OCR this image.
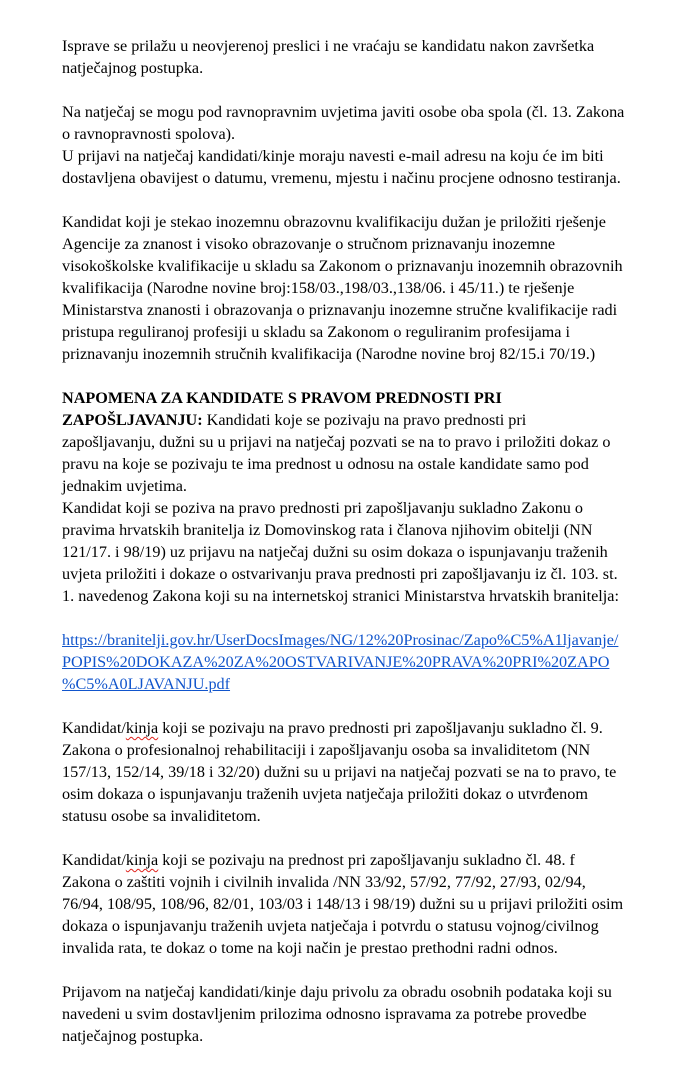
Isprave se prilažu u neovjerenoj preslici i ne vraćaju se kandidatu nakon završetka

natječajnog postupka.

Na natječaj se mogu pod ravnopravnim uvjetima javiti osobe oba spola (čl. 13. Zakona

o ravnopravnosti spolova).

U prijavi na natječaj kandidati/kinje moraju navesti e-mail adresu na koju će im biti

dostavljena obavijest o datumu, vremenu, mjestu i načinu procjene odnosno testiranja.

Kandidat koji je stekao inozemnu obrazovnu kvalifikaciju dužan je priložiti rješenje

Agencije za znanost i visoko obrazovanje o stručnom priznavanju inozemne

visokoškolske kvalifikacije u skladu sa Zakonom o priznavanju inozemnih obrazovnih

kvalifikacija (Narodne novine broj:158/03.,198/03.,138/06. i 45/11.) te rješenje

Ministarstva znanosti i obrazovanja o priznavanju inozemne stručne kvalifikacije radi

pristupa reguliranoj profesiji u skladu sa Zakonom o reguliranim profesijama i

priznavanju inozemnih stručnih kvalifikacija (Narodne novine broj 82/15.i 70/19.)

NAPOMENA ZA KANDIDATE S PRAVOM PREDNOSTI PRI

ZAPOŠLJAVANJU: Kandidati koje se pozivaju na pravo prednosti pri

zapošljavanju, dužni su u prijavi na natječaj pozvati se na to pravo i priložiti dokaz o

pravu na koje se pozivaju te ima prednost u odnosu na ostale kandidate samo pod

jednakim uvjetima.

Kandidat koji se poziva na pravo prednosti pri zapošljavanju sukladno Zakonu o

pravima hrvatskih branitelja iz Domovinskog rata i članova njihovim obitelji (NN

121/17. i 98/19) uz prijavu na natječaj dužni su osim dokaza o ispunjavanju traženih

uvjeta priložiti i dokaze o ostvarivanju prava prednosti pri zapošljavanju iz čl. 103. st.

1. navedenog Zakona koji su na internetskoj stranici Ministarstva hrvatskih branitelja:

https://branitelji.gov.hr/UserDocsImages/NG/12%20Prosinac/Zapo%C5%A1ljavanje/

POPIS%20DOKAZA%20ZA%20OSTVARIVANJE%20PRAVA%20PRI%20ZAPO

%C5%A0LJAVANJU.pdf

Kandidat/kinja koji se pozivaju na pravo prednosti pri zapošljavanju sukladno čl. 9.

Zakona o profesionalnoj rehabilitaciji i zapošljavanju osoba sa invaliditetom (NN

157/13, 152/14, 39/18 i 32/20) dužni su u prijavi na natječaj pozvati se na to pravo, te

osim dokaza o ispunjavanju traženih uvjeta natječaja priložiti dokaz o utvrđenom

statusu osobe sa invaliditetom.

Kandidat/kinja koji se pozivaju na prednost pri zapošljavanju sukladno čl. 48. f

Zakona o zaštiti vojnih i civilnih invalida /NN 33/92, 57/92, 77/92, 27/93, 02/94,

76/94, 108/95, 108/96, 82/01, 103/03 i 148/13 i 98/19) dužni su u prijavi priložiti osim

dokaza o ispunjavanju traženih uvjeta natječaja i potvrdu o statusu vojnog/civilnog

invalida rata, te dokaz o tome na koji način je prestao prethodni radni odnos.

Prijavom na natječaj kandidati/kinje daju privolu za obradu osobnih podataka koji su

navedeni u svim dostavljenim prilozima odnosno ispravama za potrebe provedbe

natječajnog postupka.
